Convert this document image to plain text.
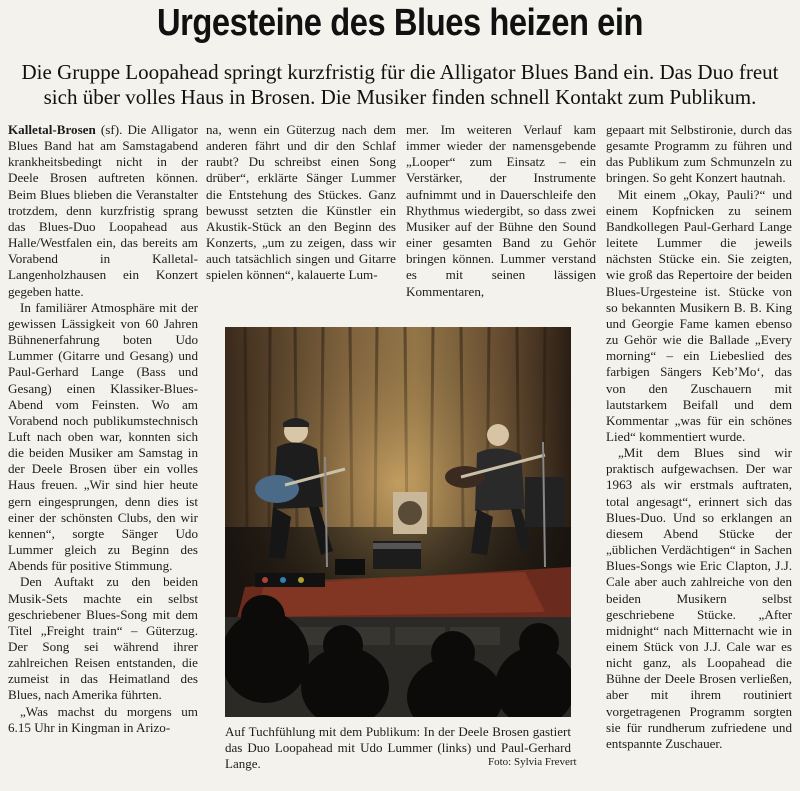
Urgesteine des Blues heizen ein
Die Gruppe Loopahead springt kurzfristig für die Alligator Blues Band ein. Das Duo freut sich über volles Haus in Brosen. Die Musiker finden schnell Kontakt zum Publikum.

Kalletal-Brosen (sf). Die Alligator Blues Band hat am Samstagabend krankheitsbedingt nicht in der Deele Brosen auftreten können. Beim Blues blieben die Veranstalter trotzdem, denn kurzfristig sprang das Blues-Duo Loopahead aus Halle/Westfalen ein, das bereits am Vorabend in Kalletal-Langenholzhausen ein Konzert gegeben hatte.

In familiärer Atmosphäre mit der gewissen Lässigkeit von 60 Jahren Bühnenerfahrung boten Udo Lummer (Gitarre und Gesang) und Paul-Gerhard Lange (Bass und Gesang) einen Klassiker-Blues-Abend vom Feinsten. Wo am Vorabend noch publikumstechnisch Luft nach oben war, konnten sich die beiden Musiker am Samstag in der Deele Brosen über ein volles Haus freuen. „Wir sind hier heute gern eingesprungen, denn dies ist einer der schönsten Clubs, den wir kennen“, sorgte Sänger Udo Lummer gleich zu Beginn des Abends für positive Stimmung.

Den Auftakt zu den beiden Musik-Sets machte ein selbst geschriebener Blues-Song mit dem Titel „Freight train“ – Güterzug. Der Song sei während ihrer zahlreichen Reisen entstanden, die zumeist in das Heimatland des Blues, nach Amerika führten.

„Was machst du morgens um 6.15 Uhr in Kingman in Arizo-

na, wenn ein Güterzug nach dem anderen fährt und dir den Schlaf raubt? Du schreibst einen Song drüber“, erklärte Sänger Lummer die Entstehung des Stückes. Ganz bewusst setzten die Künstler ein Akustik-Stück an den Beginn des Konzerts, „um zu zeigen, dass wir auch tatsächlich singen und Gitarre spielen können“, kalauerte Lum-

mer. Im weiteren Verlauf kam immer wieder der namensgebende „Looper“ zum Einsatz – ein Verstärker, der Instrumente aufnimmt und in Dauerschleife den Rhythmus wiedergibt, so dass zwei Musiker auf der Bühne den Sound einer gesamten Band zu Gehör bringen können. Lummer verstand es mit seinen lässigen Kommentaren,

gepaart mit Selbstironie, durch das gesamte Programm zu führen und das Publikum zum Schmunzeln zu bringen. So geht Konzert hautnah.

Mit einem „Okay, Pauli?“ und einem Kopfnicken zu seinem Bandkollegen Paul-Gerhard Lange leitete Lummer die jeweils nächsten Stücke ein. Sie zeigten, wie groß das Repertoire der beiden Blues-Urgesteine ist. Stücke von so bekannten Musikern B. B. King und Georgie Fame kamen ebenso zu Gehör wie die Ballade „Every morning“ – ein Liebeslied des farbigen Sängers Keb’Mo‘, das von den Zuschauern mit lautstarkem Beifall und dem Kommentar „was für ein schönes Lied“ kommentiert wurde.

„Mit dem Blues sind wir praktisch aufgewachsen. Der war 1963 als wir erstmals auftraten, total angesagt“, erinnert sich das Blues-Duo. Und so erklangen an diesem Abend Stücke der „üblichen Verdächtigen“ in Sachen Blues-Songs wie Eric Clapton, J.J. Cale aber auch zahlreiche von den beiden Musikern selbst geschriebene Stücke. „After midnight“ nach Mitternacht wie in einem Stück von J.J. Cale war es nicht ganz, als Loopahead die Bühne der Deele Brosen verließen, aber mit ihrem routiniert vorgetragenen Programm sorgten sie für rundherum zufriedene und entspannte Zuschauer.

Auf Tuchfühlung mit dem Publikum: In der Deele Brosen gastiert das Duo Loopahead mit Udo Lummer (links) und Paul-Gerhard Lange.	Foto: Sylvia Frevert
